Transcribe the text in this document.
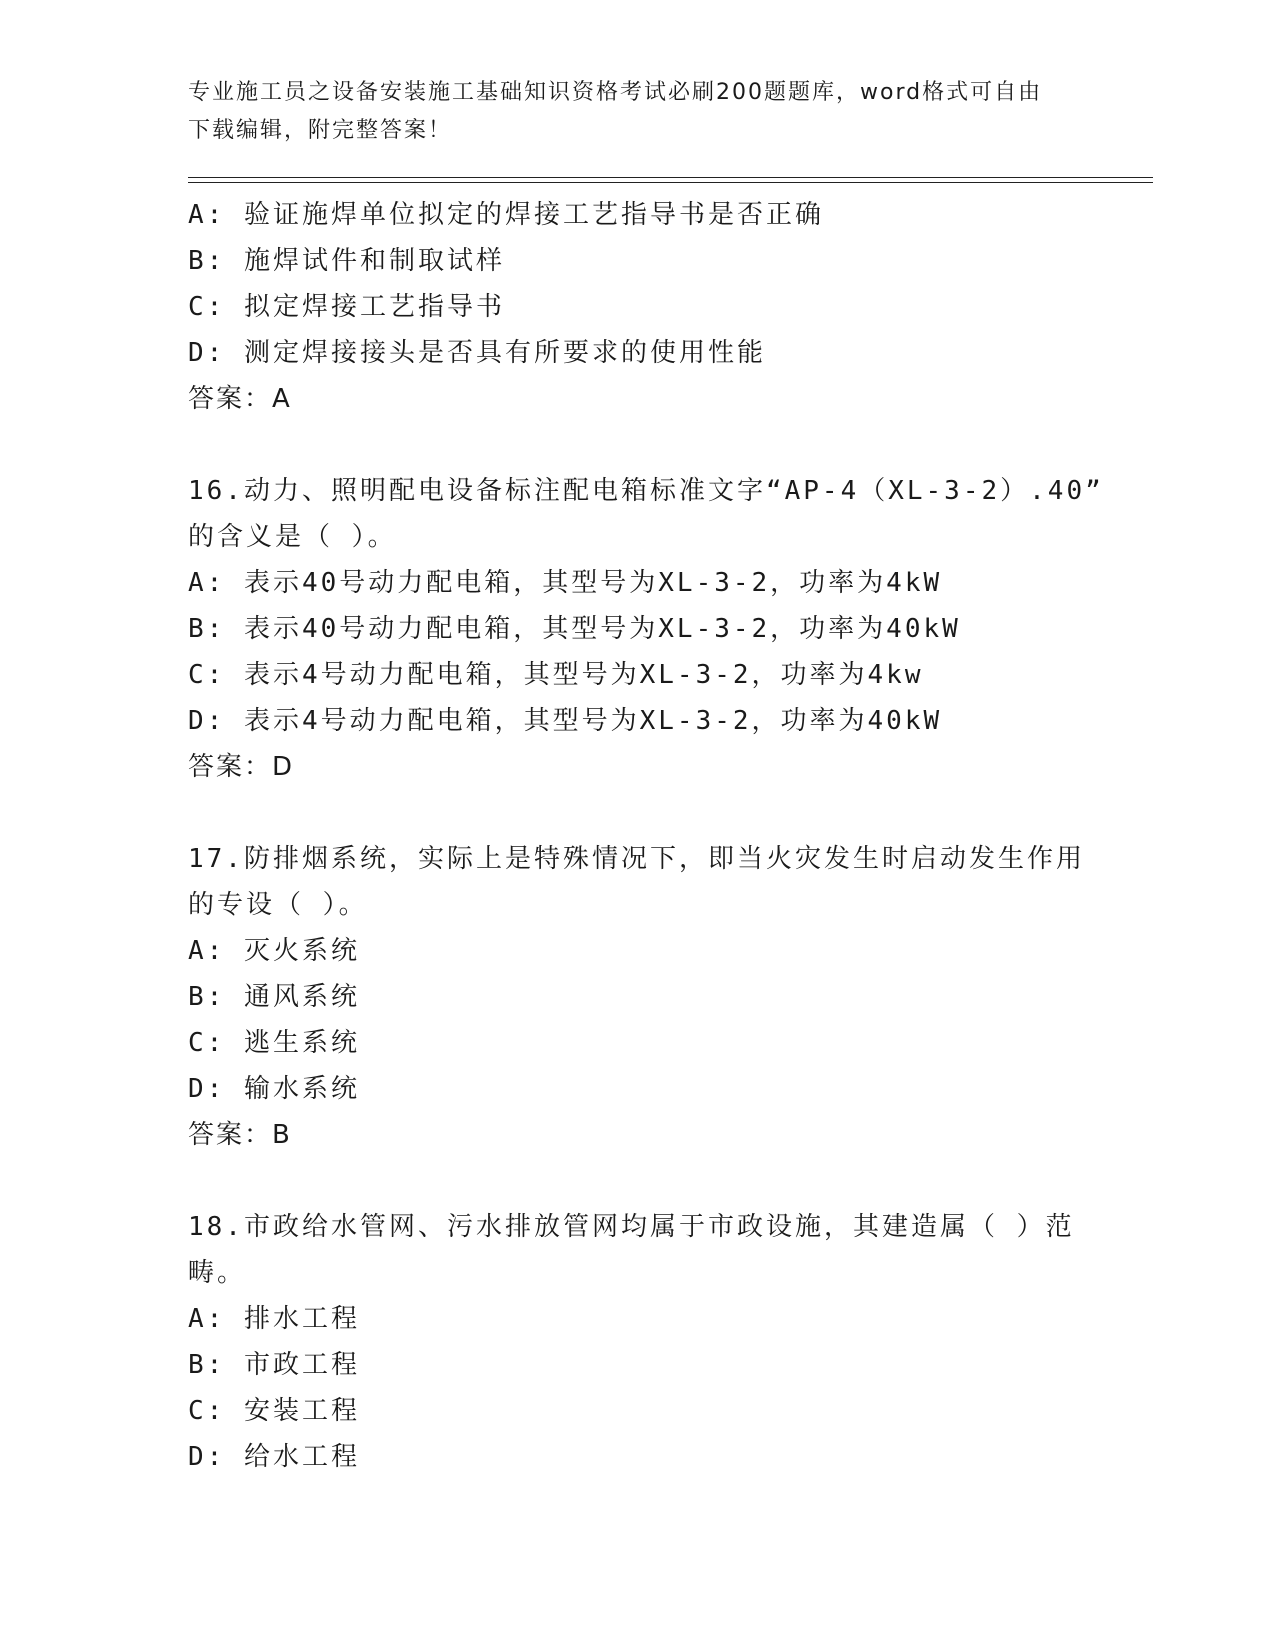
专业施工员之设备安装施工基础知识资格考试必刷200题题库，word格式可自由
下载编辑，附完整答案！
A: 验证施焊单位拟定的焊接工艺指导书是否正确
B: 施焊试件和制取试样
C: 拟定焊接工艺指导书
D: 测定焊接接头是否具有所要求的使用性能
答案：A
16.动力、照明配电设备标注配电箱标准文字“AP-4（XL-3-2）.40”
的含义是（ ）。
A: 表示40号动力配电箱，其型号为XL-3-2，功率为4kW
B: 表示40号动力配电箱，其型号为XL-3-2，功率为40kW
C: 表示4号动力配电箱，其型号为XL-3-2，功率为4kw
D: 表示4号动力配电箱，其型号为XL-3-2，功率为40kW
答案：D
17.防排烟系统，实际上是特殊情况下，即当火灾发生时启动发生作用
的专设（ ）。
A: 灭火系统
B: 通风系统
C: 逃生系统
D: 输水系统
答案：B
18.市政给水管网、污水排放管网均属于市政设施，其建造属（ ）范
畴。
A: 排水工程
B: 市政工程
C: 安装工程
D: 给水工程
